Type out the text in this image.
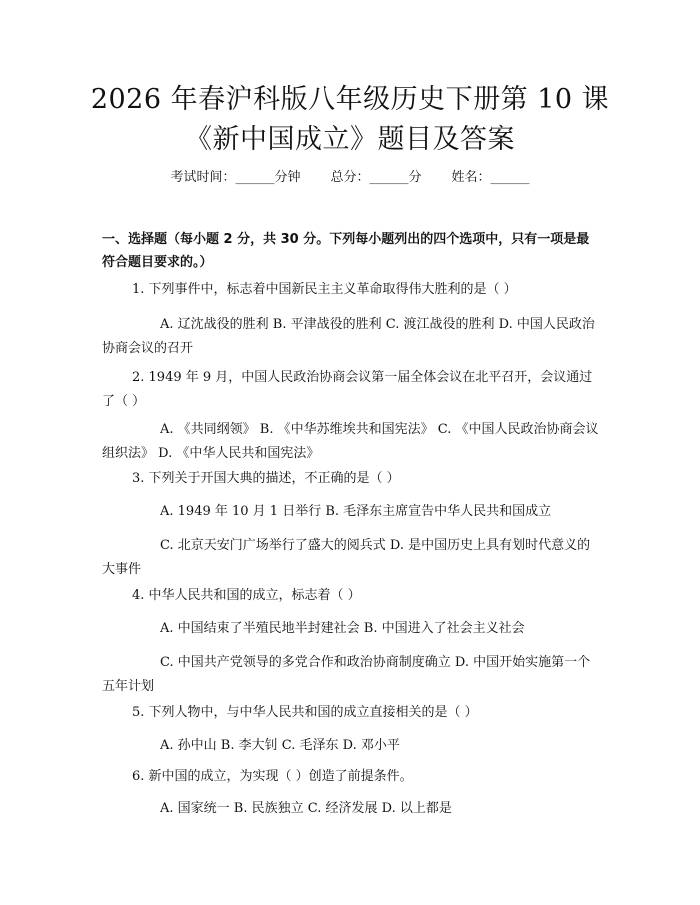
2026 年春沪科版八年级历史下册第 10 课
《新中国成立》题目及答案
考试时间：______分钟 总分：______分 姓名：______
一、选择题（每小题 2 分，共 30 分。下列每小题列出的四个选项中，只有一项是最符合题目要求的。）
1. 下列事件中，标志着中国新民主主义革命取得伟大胜利的是（ ）
A. 辽沈战役的胜利 B. 平津战役的胜利 C. 渡江战役的胜利 D. 中国人民政治协商会议的召开
2. 1949 年 9 月，中国人民政治协商会议第一届全体会议在北平召开，会议通过了（ ）
A. 《共同纲领》 B. 《中华苏维埃共和国宪法》 C. 《中国人民政治协商会议组织法》 D. 《中华人民共和国宪法》
3. 下列关于开国大典的描述，不正确的是（ ）
A. 1949 年 10 月 1 日举行 B. 毛泽东主席宣告中华人民共和国成立
C. 北京天安门广场举行了盛大的阅兵式 D. 是中国历史上具有划时代意义的大事件
4. 中华人民共和国的成立，标志着（ ）
A. 中国结束了半殖民地半封建社会 B. 中国进入了社会主义社会
C. 中国共产党领导的多党合作和政治协商制度确立 D. 中国开始实施第一个五年计划
5. 下列人物中，与中华人民共和国的成立直接相关的是（ ）
A. 孙中山 B. 李大钊 C. 毛泽东 D. 邓小平
6. 新中国的成立，为实现（ ）创造了前提条件。
A. 国家统一 B. 民族独立 C. 经济发展 D. 以上都是
